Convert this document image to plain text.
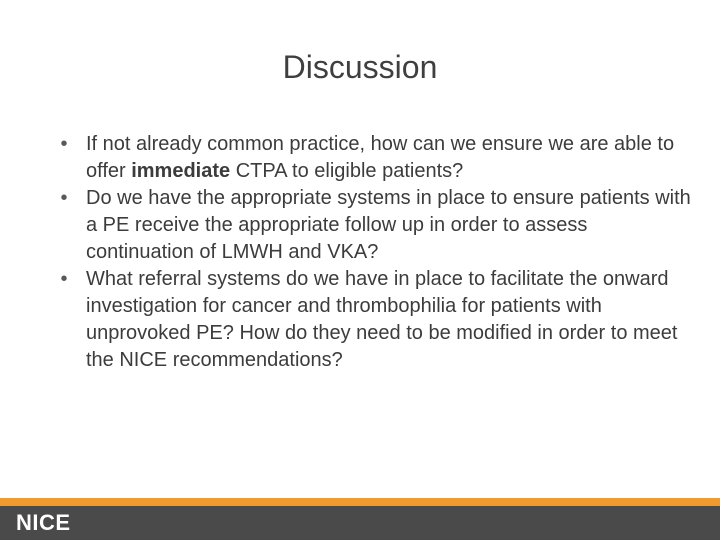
Discussion
• If not already common practice, how can we ensure we are able to offer immediate CTPA to eligible patients?
• Do we have the appropriate systems in place to ensure patients with a PE receive the appropriate follow up in order to assess continuation of LMWH and VKA?
• What referral systems do we have in place to facilitate the onward investigation for cancer and thrombophilia for patients with unprovoked PE? How do they need to be modified in order to meet the NICE recommendations?
NICE
